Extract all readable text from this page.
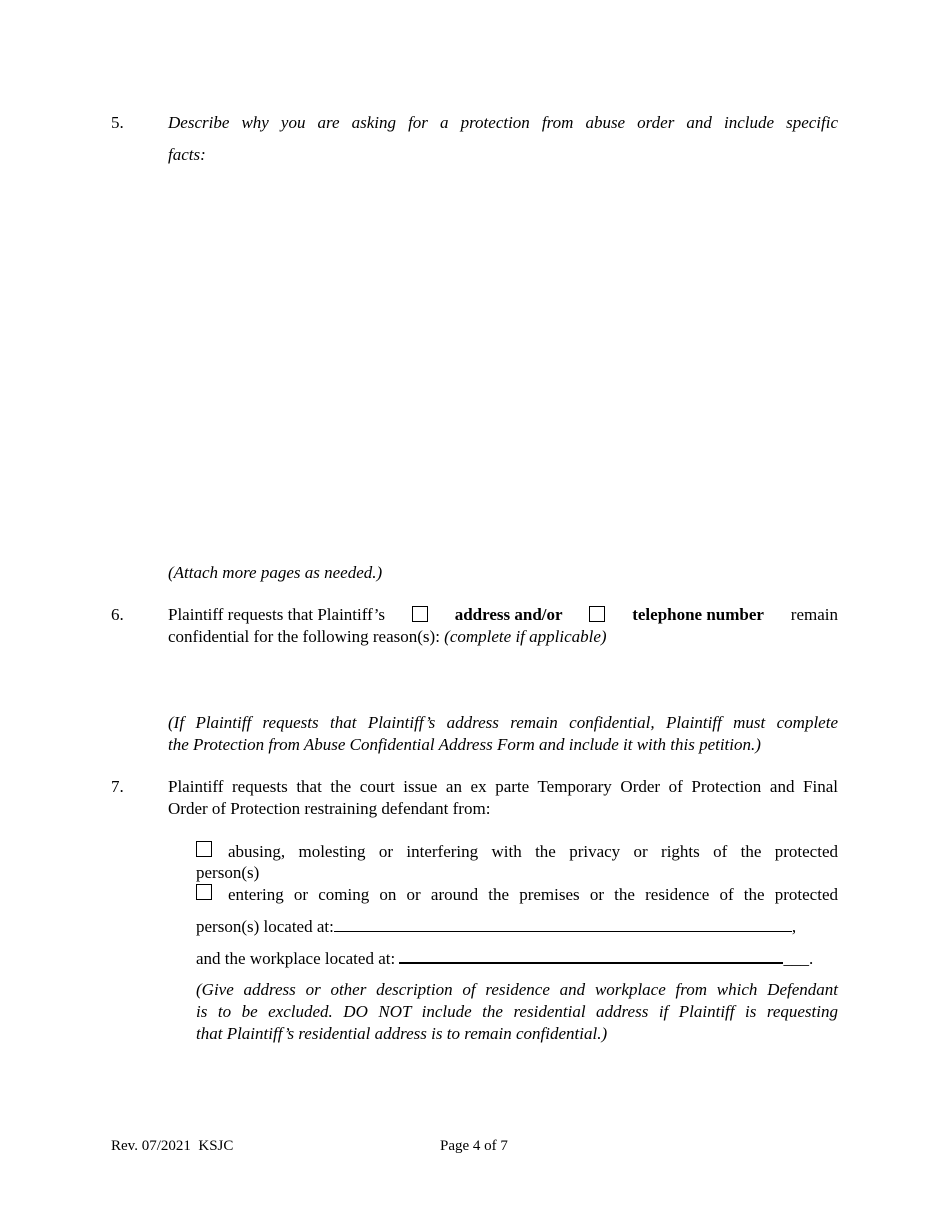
5.	Describe why you are asking for a protection from abuse order and include specific
facts:
(Attach more pages as needed.)
6.	Plaintiff requests that Plaintiff’s	address and/or	telephone number remain
confidential for the following reason(s): (complete if applicable)
(If Plaintiff requests that Plaintiff’s address remain confidential, Plaintiff must complete
the Protection from Abuse Confidential Address Form and include it with this petition.)
7.	Plaintiff requests that the court issue an ex parte Temporary Order of Protection and Final
Order of Protection restraining defendant from:
abusing, molesting or interfering with the privacy or rights of the protected
person(s)
entering or coming on or around the premises or the residence of the protected
person(s) located at:	,
and the workplace located at:	___.
(Give address or other description of residence and workplace from which Defendant
is to be excluded. DO NOT include the residential address if Plaintiff is requesting
that Plaintiff’s residential address is to remain confidential.)
Rev. 07/2021  KSJC	Page 4 of 7
